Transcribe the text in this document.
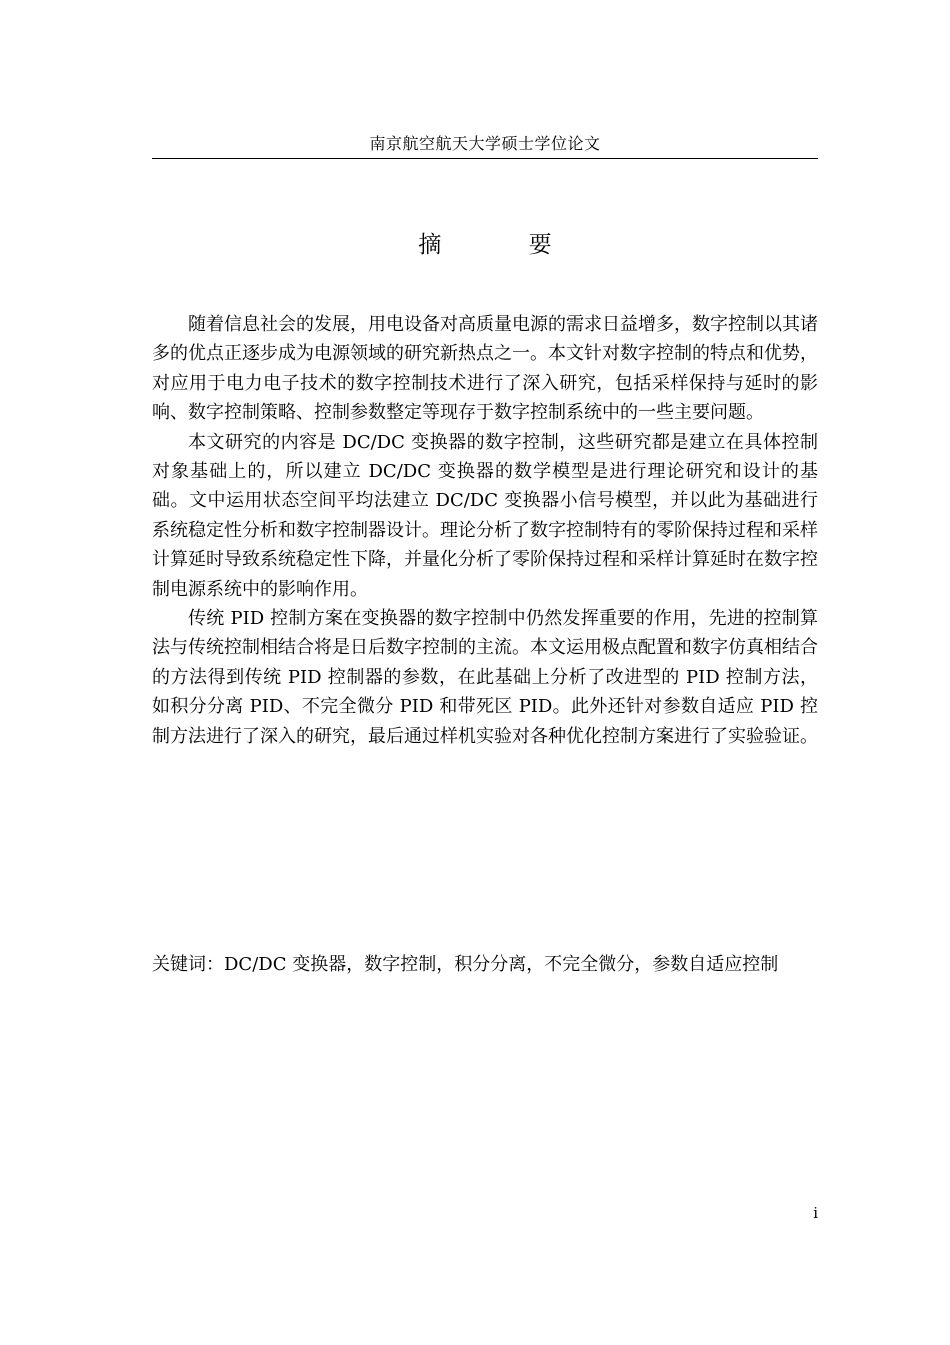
南京航空航天大学硕士学位论文
摘 要

随着信息社会的发展，用电设备对高质量电源的需求日益增多，数字控制以其诸多的优点正逐步成为电源领域的研究新热点之一。本文针对数字控制的特点和优势，对应用于电力电子技术的数字控制技术进行了深入研究，包括采样保持与延时的影响、数字控制策略、控制参数整定等现存于数字控制系统中的一些主要问题。

本文研究的内容是 DC/DC 变换器的数字控制，这些研究都是建立在具体控制对象基础上的，所以建立 DC/DC 变换器的数学模型是进行理论研究和设计的基础。文中运用状态空间平均法建立 DC/DC 变换器小信号模型，并以此为基础进行系统稳定性分析和数字控制器设计。理论分析了数字控制特有的零阶保持过程和采样计算延时导致系统稳定性下降，并量化分析了零阶保持过程和采样计算延时在数字控制电源系统中的影响作用。

传统 PID 控制方案在变换器的数字控制中仍然发挥重要的作用，先进的控制算法与传统控制相结合将是日后数字控制的主流。本文运用极点配置和数字仿真相结合的方法得到传统 PID 控制器的参数，在此基础上分析了改进型的 PID 控制方法，如积分分离 PID、不完全微分 PID 和带死区 PID。此外还针对参数自适应 PID 控制方法进行了深入的研究，最后通过样机实验对各种优化控制方案进行了实验验证。

关键词：DC/DC 变换器，数字控制，积分分离，不完全微分，参数自适应控制
i
